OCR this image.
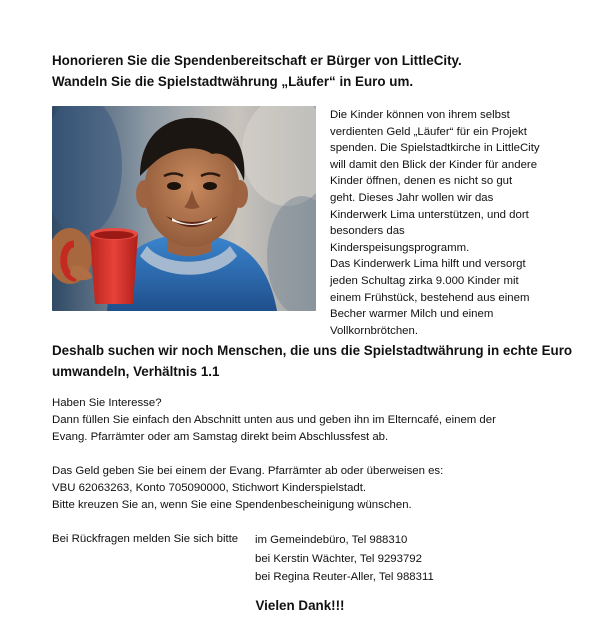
Honorieren Sie die Spendenbereitschaft er Bürger von LittleCity.
Wandeln Sie die Spielstadtwährung „Läufer“ in Euro um.
Die Kinder können von ihrem selbst
verdienten Geld „Läufer“ für ein Projekt
spenden. Die Spielstadtkirche in LittleCity
will damit den Blick der Kinder für andere
Kinder öffnen, denen es nicht so gut
geht. Dieses Jahr wollen wir das
Kinderwerk Lima unterstützen, und dort
besonders das
Kinderspeisungsprogramm.
Das Kinderwerk Lima hilft und versorgt
jeden Schultag zirka 9.000 Kinder mit
einem Frühstück, bestehend aus einem
Becher warmer Milch und einem
Vollkornbrötchen.
Deshalb suchen wir noch Menschen, die uns die Spielstadtwährung in echte Euro
umwandeln, Verhältnis 1.1
Haben Sie Interesse?
Dann füllen Sie einfach den Abschnitt unten aus und geben ihn im Elterncafé, einem der
Evang. Pfarrämter oder am Samstag direkt beim Abschlussfest ab.
Das Geld geben Sie bei einem der Evang. Pfarrämter ab oder überweisen es:
VBU 62063263, Konto 705090000, Stichwort Kinderspielstadt.
Bitte kreuzen Sie an, wenn Sie eine Spendenbescheinigung wünschen.
Bei Rückfragen melden Sie sich bitte im Gemeindebüro, Tel 988310
bei Kerstin Wächter, Tel 9293792
bei Regina Reuter-Aller, Tel 988311
Vielen Dank!!!
